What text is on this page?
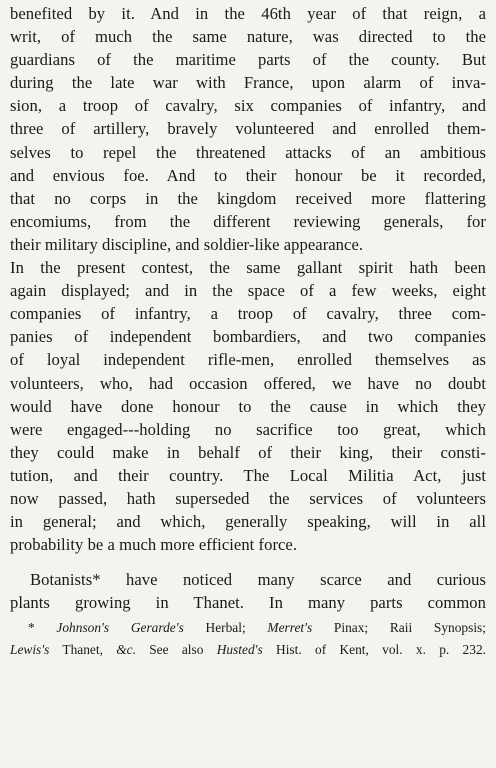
benefited by it. And in the 46th year of that reign, a
writ, of much the same nature, was directed to the
guardians of the maritime parts of the county. But
during the late war with France, upon alarm of inva-
sion, a troop of cavalry, six companies of infantry, and
three of artillery, bravely volunteered and enrolled them-
selves to repel the threatened attacks of an ambitious
and envious foe. And to their honour be it recorded,
that no corps in the kingdom received more flattering
encomiums, from the different reviewing generals, for
their military discipline, and soldier-like appearance.
In the present contest, the same gallant spirit hath been
again displayed; and in the space of a few weeks, eight
companies of infantry, a troop of cavalry, three com-
panies of independent bombardiers, and two companies
of loyal independent rifle-men, enrolled themselves as
volunteers, who, had occasion offered, we have no doubt
would have done honour to the cause in which they
were engaged---holding no sacrifice too great, which
they could make in behalf of their king, their consti-
tution, and their country. The Local Militia Act, just
now passed, hath superseded the services of volunteers
in general; and which, generally speaking, will in all
probability be a much more efficient force.
Botanists* have noticed many scarce and curious
plants growing in Thanet. In many parts common
* Johnson's Gerarde's Herbal; Merret's Pinax; Raii Synopsis;
Lewis's Thanet, &c. See also Husted's Hist. of Kent, vol. x. p. 232.
